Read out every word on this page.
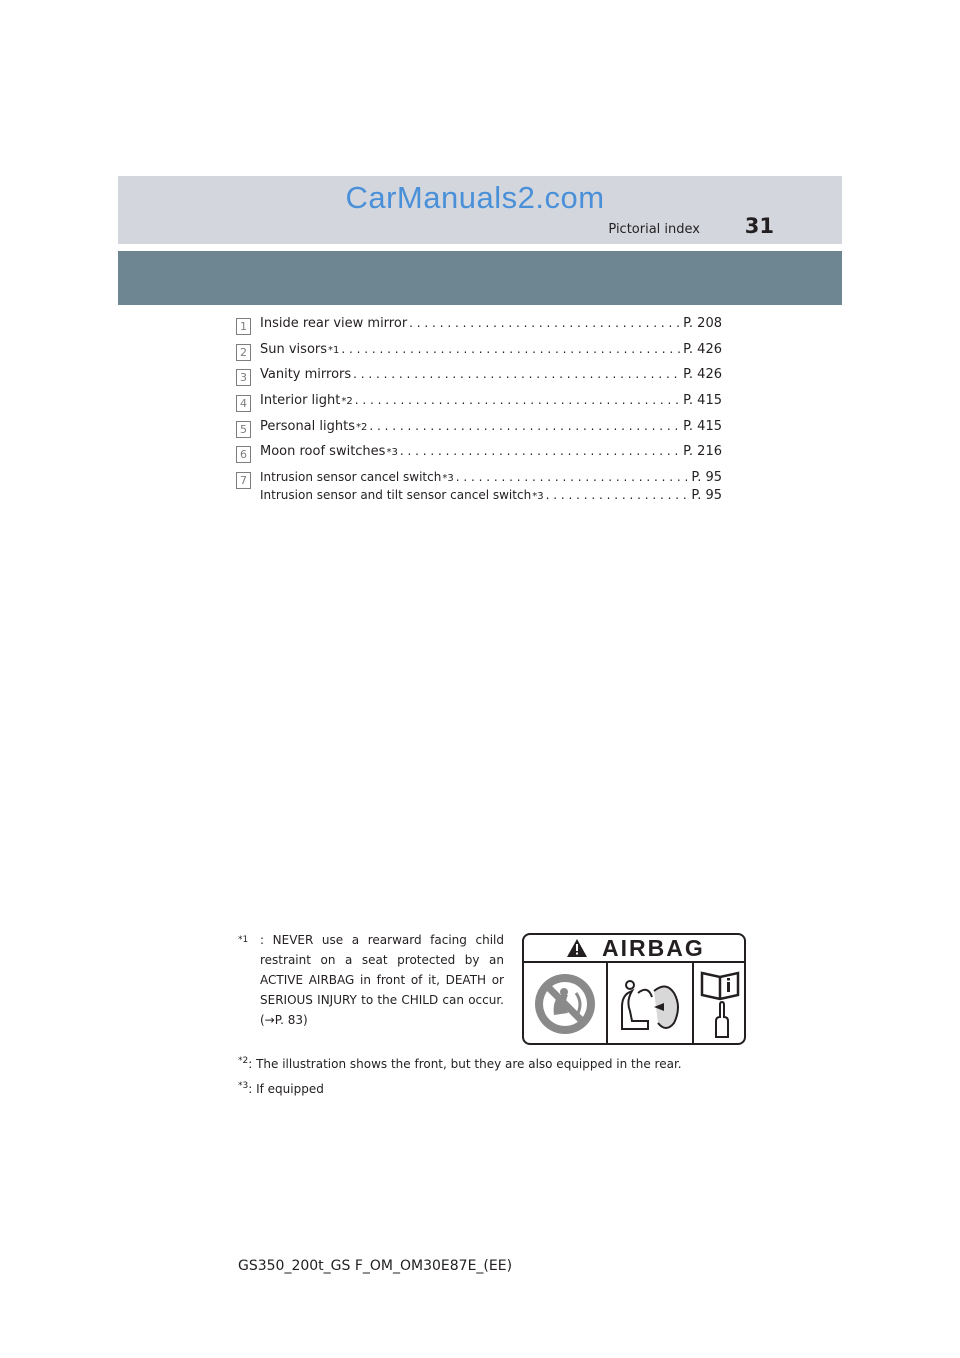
CarManuals2.com
Pictorial index 31
1	Inside rear view mirror . . .	P. 208
2	Sun visors *1 . . .	P. 426
3	Vanity mirrors . . .	P. 426
4	Interior light *2 . . .	P. 415
5	Personal lights *2 . . .	P. 415
6	Moon roof switches *3 . . .	P. 216
7	Intrusion sensor cancel switch *3 . . .	P. 95
Intrusion sensor and tilt sensor cancel switch *3 . . .	P. 95
$^{*1}$ : NEVER use a rearward facing child restraint on a seat protected by an ACTIVE AIRBAG in front of it, DEATH or SERIOUS INJURY to the CHILD can occur. (→P. 83)
AIRBAG
$^{*2}$: The illustration shows the front, but they are also equipped in the rear.
$^{*3}$: If equipped
GS350_200t_GS F_OM_OM30E87E_(EE)
